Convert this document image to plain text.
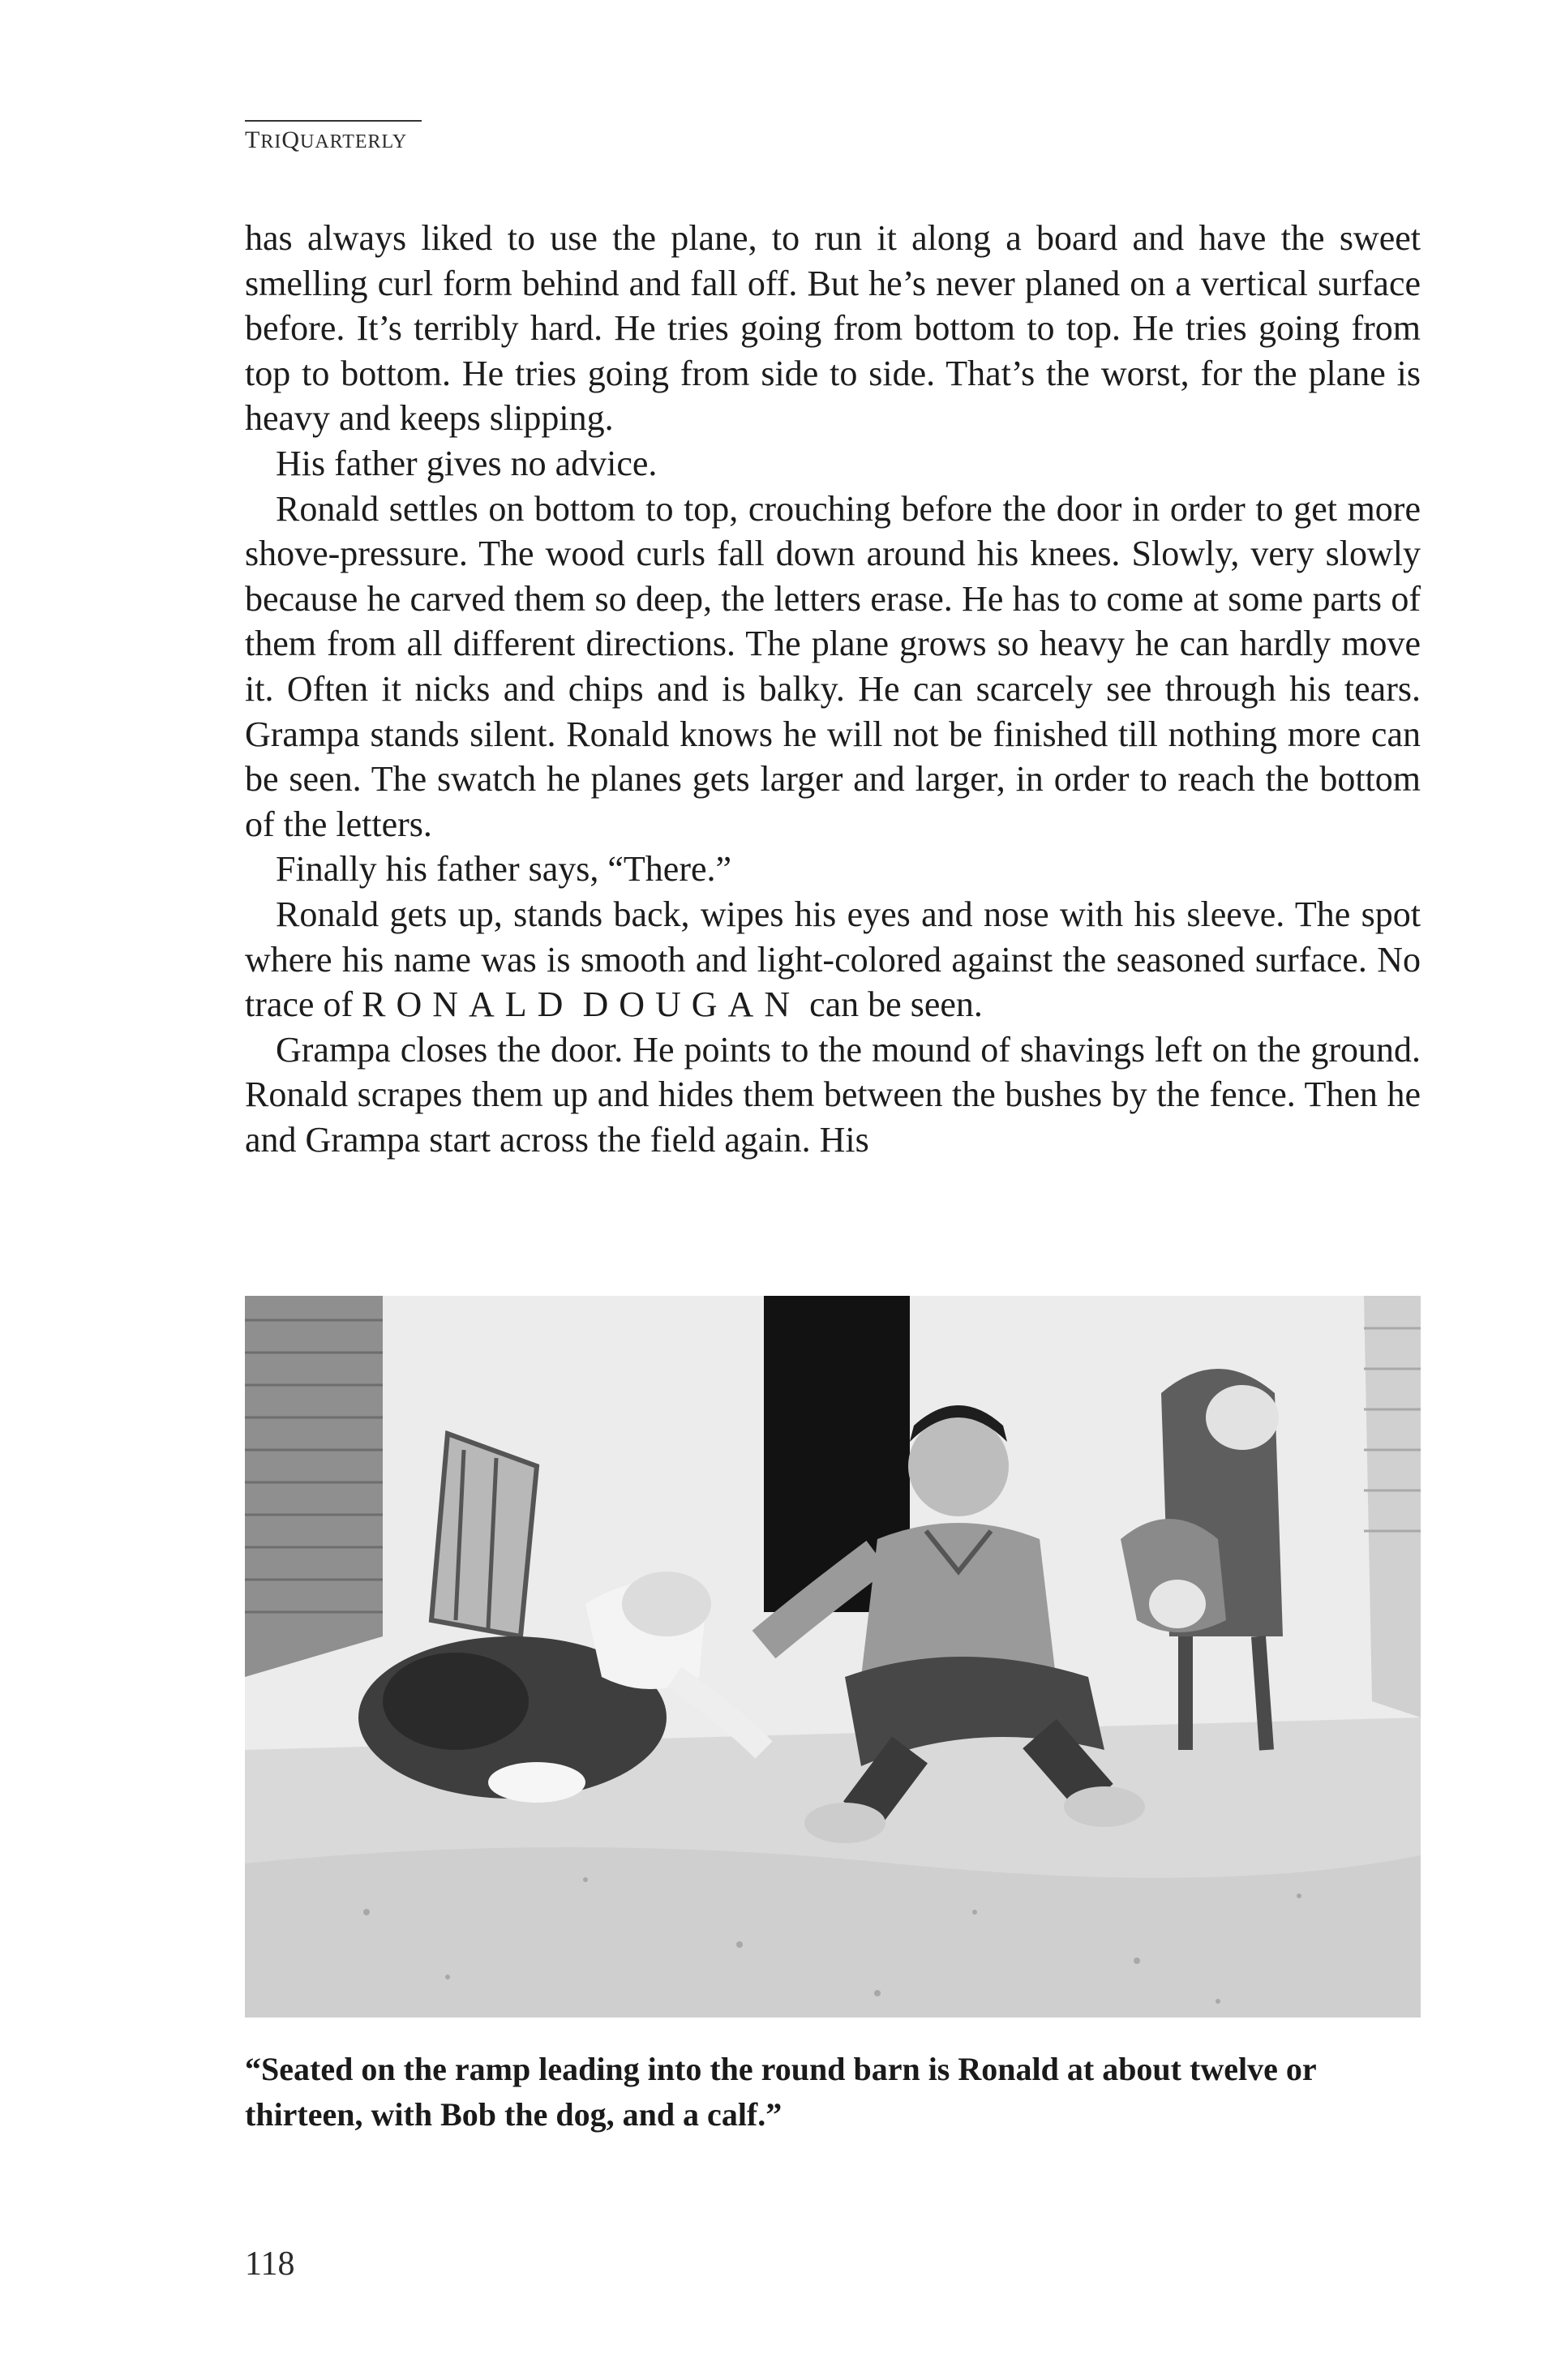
TRIQUARTERLY

has always liked to use the plane, to run it along a board and have the sweet smelling curl form behind and fall off. But he’s never planed on a vertical surface before. It’s terribly hard. He tries going from bottom to top. He tries going from top to bottom. He tries going from side to side. That’s the worst, for the plane is heavy and keeps slipping.

His father gives no advice.

Ronald settles on bottom to top, crouching before the door in order to get more shove-pressure. The wood curls fall down around his knees. Slowly, very slowly because he carved them so deep, the letters erase. He has to come at some parts of them from all different directions. The plane grows so heavy he can hardly move it. Often it nicks and chips and is balky. He can scarcely see through his tears. Grampa stands silent. Ronald knows he will not be finished till nothing more can be seen. The swatch he planes gets larger and larger, in order to reach the bottom of the letters.

Finally his father says, “There.”

Ronald gets up, stands back, wipes his eyes and nose with his sleeve. The spot where his name was is smooth and light-colored against the seasoned surface. No trace of RONALD DOUGAN can be seen.

Grampa closes the door. He points to the mound of shavings left on the ground. Ronald scrapes them up and hides them between the bushes by the fence. Then he and Grampa start across the field again. His

“Seated on the ramp leading into the round barn is Ronald at about twelve or thirteen, with Bob the dog, and a calf.”
118
